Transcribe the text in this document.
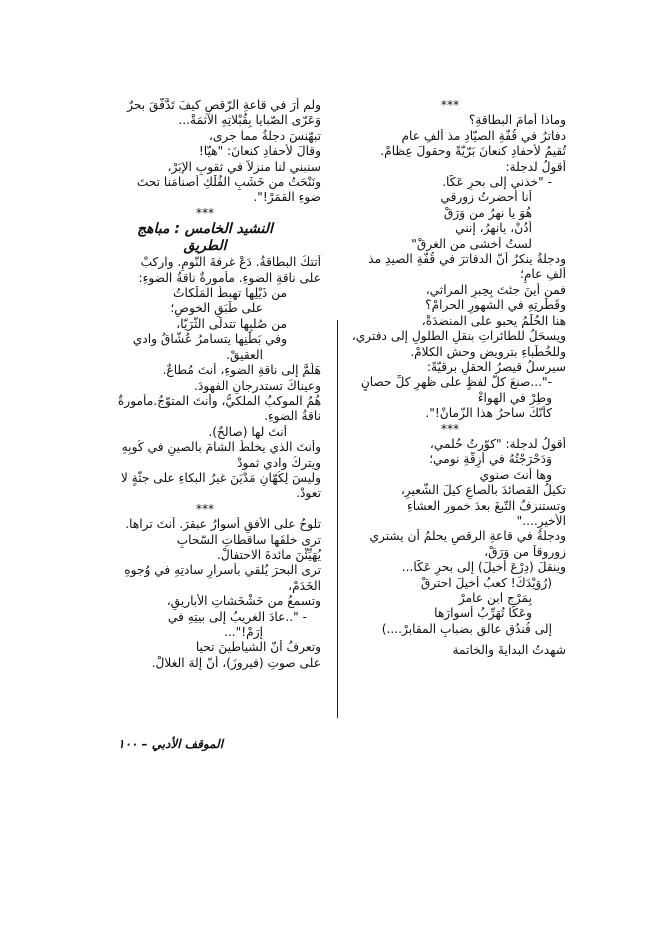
***
وماذا أمامَ البطاقةِ؟
دفاترُ في قُفّةِ الصيّادِ مذ ألفِ عامٍ
تُقيمُ لأحفادِ كنعانَ بَرّيّةً وحقولَ عِظامْ.
أقولُ لدجلة:
- "خذني إلى بحرِ عَكّا.
أنا أحضرتُ زورقي
هُوَ يا نهرُ من وَرَقْ
أدُنْ، يانهرُ، إنني
لستُ أخشى من الغرقْ"
ودجلةُ ينكرُ أنّ الدفاترَ في قُفّةِ الصيدِ مذ
ألفِ عامٍ؛
فمن أينَ جئتَ بِحِبرِ المراثي،
وقَطْرتِهِ في الشهورِ الحرامْ؟
هنا الحُلْمُ يحبو على المنضدَةْ،
ويسحَلُ للطائراتِ بنقلِ الطلولِ إلى دفتري،
وللخُطَباءِ بترويضِ وحشِ الكلامْ.
سيرسلُ قيصرُ الحقلِ برقيّةً:
-"...صنعَ كلَّ لفظٍ على ظهرِ كلِّ حصانٍ
وطِرْ في الهواءْ
كأنّكَ ساحرُ هذا الزّمانْ!".
***
أقولُ لدجلة: "كوّرتُ حُلمي،
وَدَحْرَجْتُهُ في أزِقّةِ نومي؛
وها أنتَ صنوي
تكيلُ القصائدَ بالصاعِ كيلَ الشّعيرِ،
وتستنزفُ التّبغَ بعدَ خمورِ العشاءِ
الأخيرِ...."
ودجلةُ في قاعةِ الرقصِ يحلمُ أن يشتري
زوروقاً من وَرَقْ،
وينقلَ (دِرْعَ أخيلَ) إلى بحرِ عَكّا...
(رُوَيْدَكَ! كعبُ أخيلَ احترقْ
بِمَرْجِ ابنِ عامرْ
وعَكّا تُهَرِّبُ أسوارَها
إلى فُندُقٍ عالقٍ بضبابِ المقابرْ....)
شهدتُ البدايةَ والخاتمة
ولم أرَ في قاعةِ الرّقصِ كيفَ تَدَّفّقَ بحرٌ
وَعَرّى الصّبايا بِقُبْلاتِهِ الآثمَةْ...
تبهّنسَ دجلةُ مما جرى،
وقالَ لأحفادِ كنعانَ: "هيّا!
سنبني لنا منزلاً في ثقوبِ الإبَرْ،
ونَنْحَتُ من خَشَبِ الفُلْكِ أصنامَنا تحتَ
ضوءِ القمَرْ!".
***
النشيد الخامس : مباهج
الطريق
أتتكَ البطاقةُ. دَعْ غرفةَ النّومِ. واركبْ
على ناقةِ الضوءِ. مأمورةٌ ناقةُ الضوءِ:
من ذَيْلِها تهبطُ المَلَكاتُ
على طَبَقِ الخوصِ؛
من صُلبِها تتدلّى الثُّرَيّا،
وفي بَطْنِها يتسامرُ عُشّاقُ وادي
العقيقْ.
هَلُمَّ إلى ناقةِ الضوءِ، أنتَ مُطاعٌ.
وعيناكَ تستدرجانِ الفهودَ.
هُمُ الموكبُ الملكيُّ، وأنتَ المتوّجُ.مأمورةٌ
ناقةُ الضوءِ.
أنتَ لها (صالحٌ).
وأنتَ الذي يخلطُ الشامَ بالصينِ في كُوبِهِ
ويتركُ وادي ثمودْ
وليسَ لِكُهّانِ مَدْيَنَ غيرُ البكاءِ على جثّةٍ لا
تعودْ.
***
تلوحُ على الأفقِ أسوارُ عبقرَ. أنتَ تراها.
ترى خلفَها ساقطاتِ السّحابِ
يُهَيِّئْنَ مائدةَ الاحتفالْ.
ترى البحرَ يُلقي بأسرارِ سادتِهِ في وُجوهِ
الخَدَمْ،
وتسمعُ من خَشْخَشاتِ الأباريقِ،
- "..عادَ الغريبُ إلى بيتِهِ في
إرَمْ!"...
وتعرفُ أنّ الشياطينَ تحيا
على صوتِ (فيروزَ)، أنّ إلهَ الغلالْ.
الموقف الأدبي – ١٠٠
